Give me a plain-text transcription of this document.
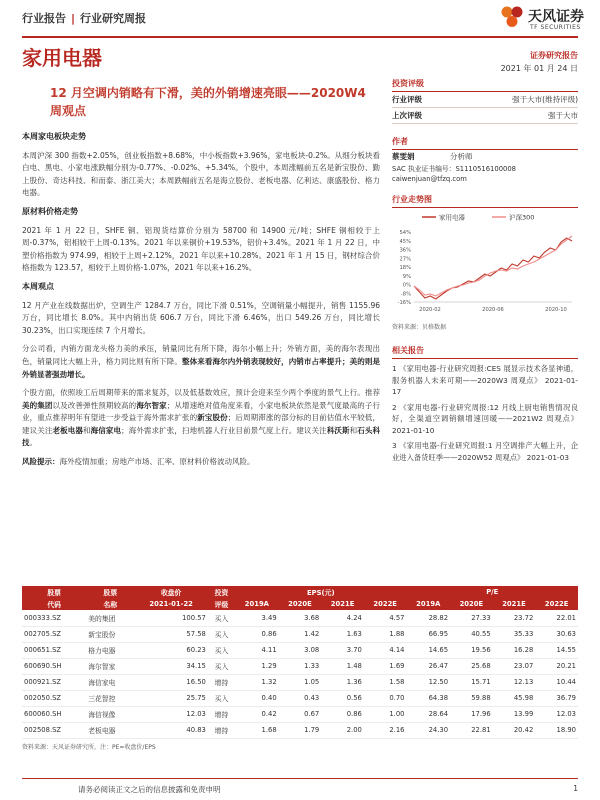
行业报告 | 行业研究周报	天风证券
TF SECURITIES
家用电器	证券研究报告
2021 年 01 月 24 日
12 月空调内销略有下滑，美的外销增速亮眼——2020W4 周观点
本周家电板块走势

本周沪深 300 指数+2.05%，创业板指数+8.68%，中小板指数+3.96%，家电板块-0.2%。从细分板块看白电、黑电、小家电涨跌幅分别为-0.77%、-0.02%、+5.34%。个股中，本周涨幅前五名是新宝股份、勤上股份、奇达科技、和而泰、浙江美大；本周跌幅前五名是海立股份、老板电器、亿利达、康盛股份、格力电器。

原材料价格走势

2021 年 1 月 22 日，SHFE 铜、铝现货结算价分别为 58700 和 14900 元/吨；SHFE 铜相较于上周-0.37%，铝相较于上周-0.13%。2021 年以来铜价+19.53%，铝价+3.4%。2021 年 1 月 22 日，中塑价格指数为 974.99，相较于上周+2.12%，2021 年以来+10.28%。2021 年 1 月 15 日，钢材综合价格指数为 123.57，相较于上周价格-1.07%，2021 年以来+16.2%。

本周观点

12 月产业在线数据出炉，空调生产 1284.7 万台，同比下滑 0.51%，空调销量小幅提升，销售 1155.96 万台，同比增长 8.0%。其中内销出货 606.7 万台，同比下滑 6.46%，出口 549.26 万台，同比增长 30.23%，出口实现连续 7 个月增长。

分公司看，内销方面龙头格力美的承压，销量同比有所下降，海尔小幅上升；外销方面，美的海尔表现出色，销量同比大幅上升，格力同比则有所下降。整体来看海尔内外销表现较好，内销市占率提升；美的则是外销显著强劲增长。

个股方面，依照竣工后周期带来的需求复苏，以及低基数效应，预计会迎来至少两个季度的景气上行。推荐美的集团以及改善弹性预期较高的海尔智家；从增速绝对值角度来看，小家电板块依然是景气度最高的子行业，重点推荐明年有望进一步受益于海外需求扩张的新宝股份；后周期滞涨的部分标的目前估值水平较低，建议关注老板电器和海信家电；海外需求扩张，扫地机器人行业目前景气度上行。建议关注科沃斯和石头科技。

风险提示：海外疫情加重；房地产市场、汇率、原材料价格波动风险。

投资评级
行业评级	强于大市(维持评级)
上次评级	强于大市
作者
蔡雯娟	分析师
SAC 执业证书编号：S1110516100008
caiwenjuan@tfzq.com
行业走势图
家用电器	沪深300
54%
45%
36%
27%
18%
9%
0%
-8%
-16%
2020-02	2020-06	2020-10
资料来源：贝格数据
相关报告
1 《家用电器-行业研究周报:CES 展显示技术各显神通，服务机器人未来可期——2020W3 周观点》 2021-01-17
2 《家用电器-行业研究周报:12 月线上厨电销售情况良好，全渠道空调销额增速回暖——2021W2 周观点》 2021-01-10
3 《家用电器-行业研究周报:1 月空调排产大幅上升，企业进入备货旺季——2020W52 周观点》 2021-01-03
股票	股票	收盘价	投资	EPS(元)				P/E			
代码	名称	2021-01-22	评级	2019A	2020E	2021E	2022E	2019A	2020E	2021E	2022E
000333.SZ	美的集团	100.57	买入	3.49	3.68	4.24	4.57	28.82	27.33	23.72	22.01
002705.SZ	新宝股份	57.58	买入	0.86	1.42	1.63	1.88	66.95	40.55	35.33	30.63
000651.SZ	格力电器	60.23	买入	4.11	3.08	3.70	4.14	14.65	19.56	16.28	14.55
600690.SH	海尔智家	34.15	买入	1.29	1.33	1.48	1.69	26.47	25.68	23.07	20.21
000921.SZ	海信家电	16.50	增持	1.32	1.05	1.36	1.58	12.50	15.71	12.13	10.44
002050.SZ	三花智控	25.75	买入	0.40	0.43	0.56	0.70	64.38	59.88	45.98	36.79
600060.SH	海信视像	12.03	增持	0.42	0.67	0.86	1.00	28.64	17.96	13.99	12.03
002508.SZ	老板电器	40.83	增持	1.68	1.79	2.00	2.16	24.30	22.81	20.42	18.90
资料来源：天风证券研究所，注：PE=收盘价/EPS
请务必阅读正文之后的信息披露和免责申明	1
